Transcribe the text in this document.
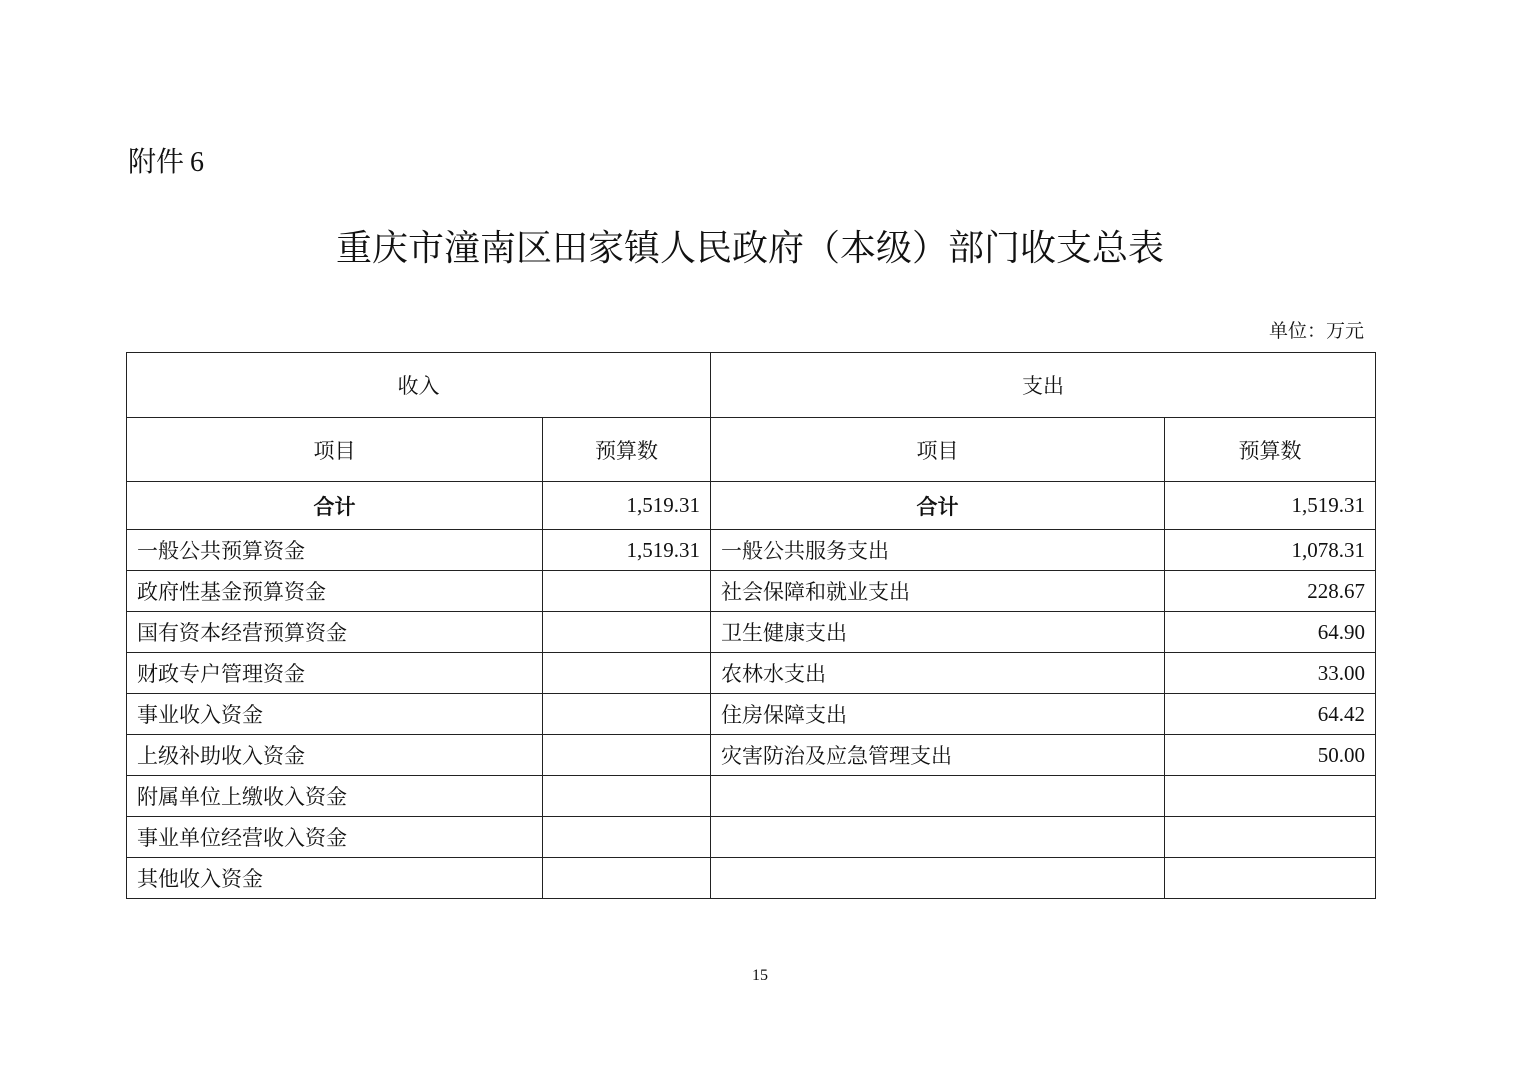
附件 6
重庆市潼南区田家镇人民政府（本级）部门收支总表
单位：万元
收入		支出	
项目	预算数	项目	预算数
合计	1,519.31	合计	1,519.31
一般公共预算资金	1,519.31	一般公共服务支出	1,078.31
政府性基金预算资金		社会保障和就业支出	228.67
国有资本经营预算资金		卫生健康支出	64.90
财政专户管理资金		农林水支出	33.00
事业收入资金		住房保障支出	64.42
上级补助收入资金		灾害防治及应急管理支出	50.00
附属单位上缴收入资金			
事业单位经营收入资金			
其他收入资金			
15
